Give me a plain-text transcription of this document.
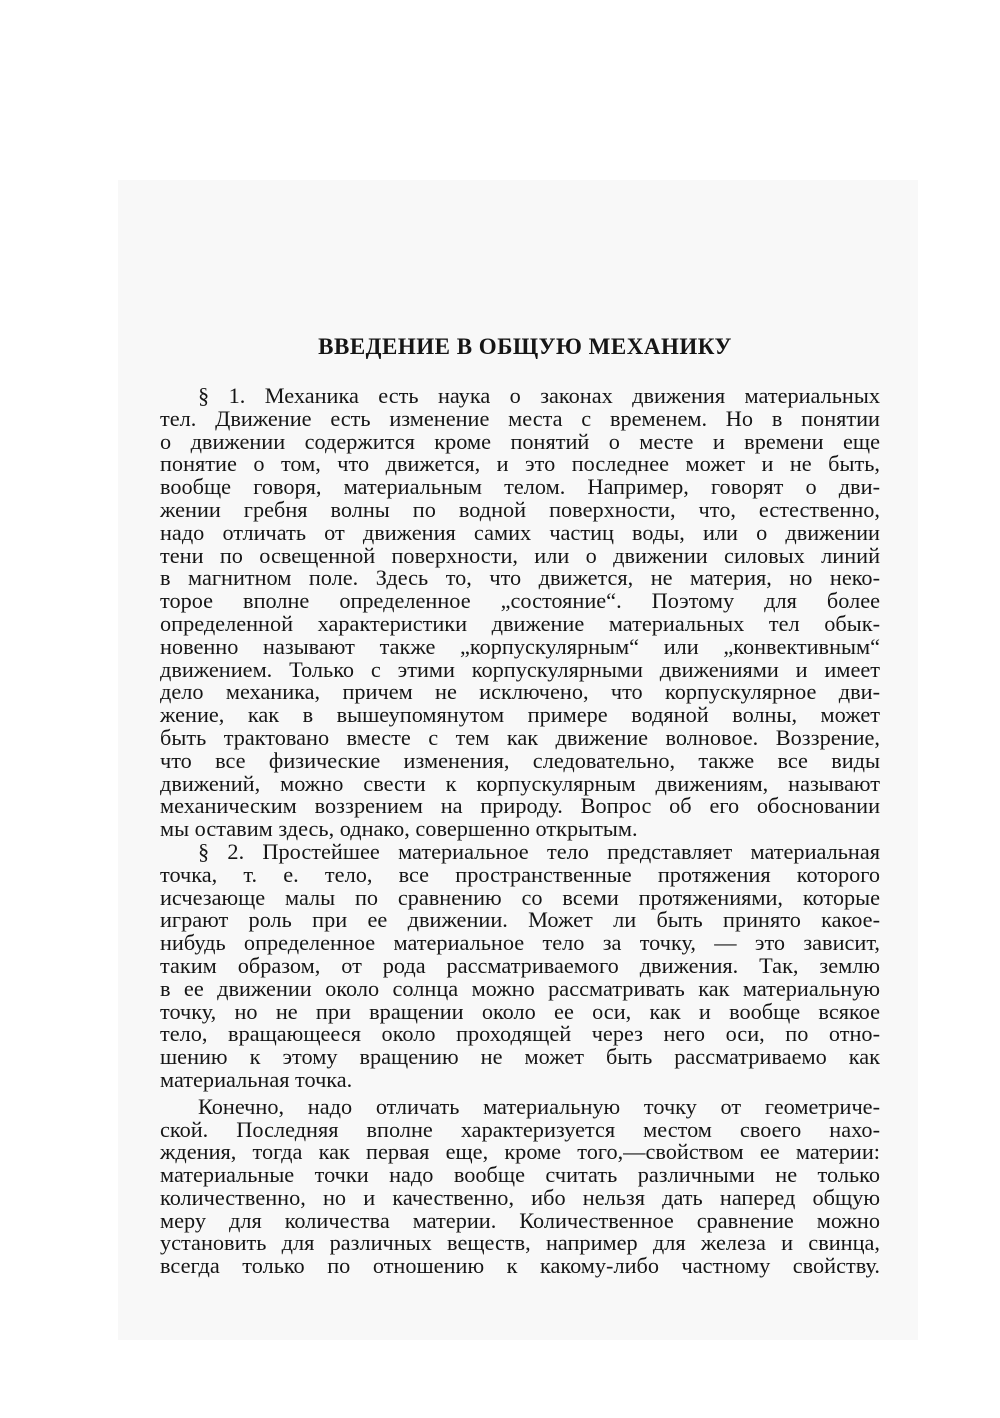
ВВЕДЕНИЕ В ОБЩУЮ МЕХАНИКУ

§ 1. Механика есть наука о законах движения материальных
тел. Движение есть изменение места с временем. Но в понятии
о движении содержится кроме понятий о месте и времени еще
понятие о том, что движется, и это последнее может и не быть,
вообще говоря, материальным телом. Например, говорят о дви-
жении гребня волны по водной поверхности, что, естественно,
надо отличать от движения самих частиц воды, или о движении
тени по освещенной поверхности, или о движении силовых линий
в магнитном поле. Здесь то, что движется, не материя, но неко-
торое вполне определенное „состояние“. Поэтому для более
определенной характеристики движение материальных тел обык-
новенно называют также „корпускулярным“ или „конвективным“
движением. Только с этими корпускулярными движениями и имеет
дело механика, причем не исключено, что корпускулярное дви-
жение, как в вышеупомянутом примере водяной волны, может
быть трактовано вместе с тем как движение волновое. Воззрение,
что все физические изменения, следовательно, также все виды
движений, можно свести к корпускулярным движениям, называют
механическим воззрением на природу. Вопрос об его обосновании
мы оставим здесь, однако, совершенно открытым.

§ 2. Простейшее материальное тело представляет материальная
точка, т. е. тело, все пространственные протяжения которого
исчезающе малы по сравнению со всеми протяжениями, которые
играют роль при ее движении. Может ли быть принято какое-
нибудь определенное материальное тело за точку, — это зависит,
таким образом, от рода рассматриваемого движения. Так, землю
в ее движении около солнца можно рассматривать как материальную
точку, но не при вращении около ее оси, как и вообще всякое
тело, вращающееся около проходящей через него оси, по отно-
шению к этому вращению не может быть рассматриваемо как
материальная точка.

Конечно, надо отличать материальную точку от геометриче-
ской. Последняя вполне характеризуется местом своего нахо-
ждения, тогда как первая еще, кроме того,—свойством ее материи:
материальные точки надо вообще считать различными не только
количественно, но и качественно, ибо нельзя дать наперед общую
меру для количества материи. Количественное сравнение можно
установить для различных веществ, например для железа и свинца,
всегда только по отношению к какому-либо частному свойству.
